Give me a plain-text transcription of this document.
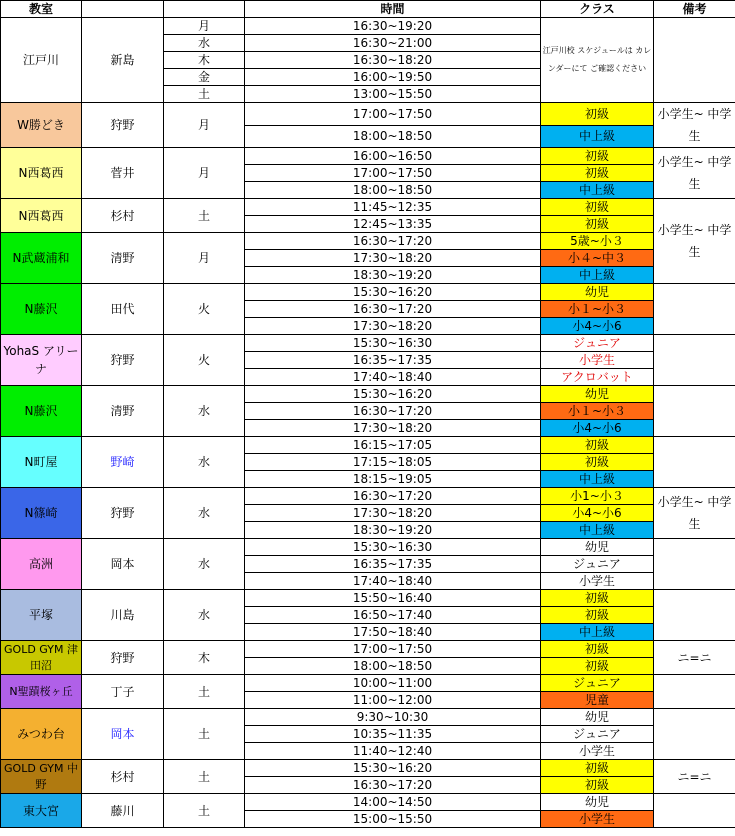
教室			時間	クラス	備考
江戸川	新島	月	16:30~19:20	江戸川校 スケジュールは カレンダーにて ご確認ください	
		水	16:30~21:00		
		木	16:30~18:20		
		金	16:00~19:50		
		土	13:00~15:50		
W勝どき	狩野	月	17:00~17:50	初級	小学生~ 中学生
			18:00~18:50	中上級	
N西葛西	菅井	月	16:00~16:50	初級	小学生~ 中学生
			17:00~17:50	初級	
			18:00~18:50	中上級	
N西葛西	杉村	土	11:45~12:35	初級	小学生~ 中学生
			12:45~13:35	初級	
N武蔵浦和	清野	月	16:30~17:20	5歳~小３	
			17:30~18:20	小４~中３	
			18:30~19:20	中上級	
N藤沢	田代	火	15:30~16:20	幼児	
			16:30~17:20	小１~小３	
			17:30~18:20	小4~小6	
YohaS アリーナ	狩野	火	15:30~16:30	ジュニア	
			16:35~17:35	小学生	
			17:40~18:40	アクロバット	
N藤沢	清野	水	15:30~16:20	幼児	
			16:30~17:20	小１~小３	
			17:30~18:20	小4~小6	
N町屋	野崎	水	16:15~17:05	初級	
			17:15~18:05	初級	
			18:15~19:05	中上級	
N篠崎	狩野	水	16:30~17:20	小1~小３	小学生~ 中学生
			17:30~18:20	小4~小6	
			18:30~19:20	中上級	
高洲	岡本	水	15:30~16:30	幼児	
			16:35~17:35	ジュニア	
			17:40~18:40	小学生	
平塚	川島	水	15:50~16:40	初級	
			16:50~17:40	初級	
			17:50~18:40	中上級	
GOLD GYM 津田沼	狩野	木	17:00~17:50	初級	ニ=ニ
			18:00~18:50	初級	
N聖蹟桜ヶ丘	丁子	土	10:00~11:00	ジュニア	
			11:00~12:00	児童	
みつわ台	岡本	土	9:30~10:30	幼児	
			10:35~11:35	ジュニア	
			11:40~12:40	小学生	
GOLD GYM 中野	杉村	土	15:30~16:20	初級	ニ=ニ
			16:30~17:20	初級	
東大宮	藤川	土	14:00~14:50	幼児	
			15:00~15:50	小学生	
